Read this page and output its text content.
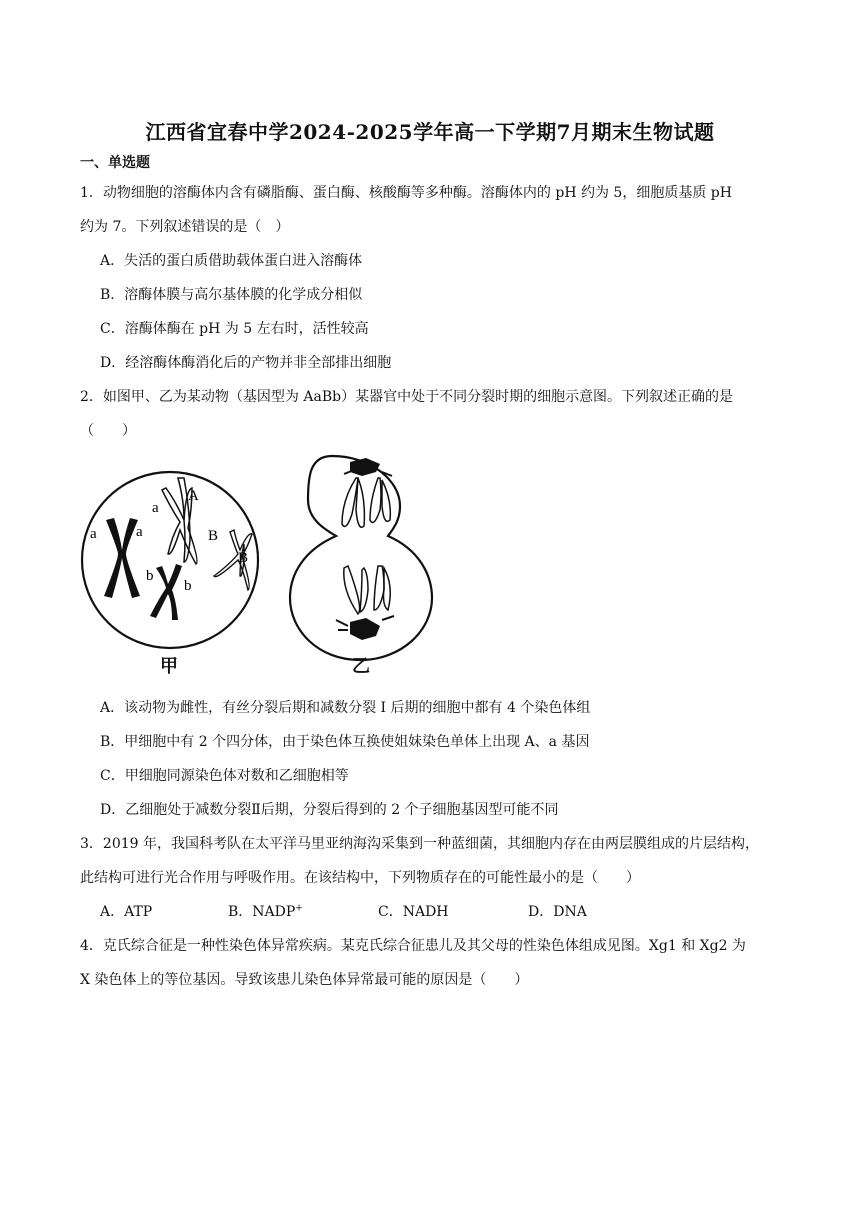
江西省宜春中学2024-2025学年高一下学期7月期末生物试题
一、单选题
1．动物细胞的溶酶体内含有磷脂酶、蛋白酶、核酸酶等多种酶。溶酶体内的 pH 约为 5，细胞质基质 pH
约为 7。下列叙述错误的是（　）
A．失活的蛋白质借助载体蛋白进入溶酶体
B．溶酶体膜与高尔基体膜的化学成分相似
C．溶酶体酶在 pH 为 5 左右时，活性较高
D．经溶酶体酶消化后的产物并非全部排出细胞
2．如图甲、乙为某动物（基因型为 AaBb）某器官中处于不同分裂时期的细胞示意图。下列叙述正确的是
（　　）
a	a
a
A
B
B
b
b
甲	乙
A．该动物为雌性，有丝分裂后期和减数分裂 I 后期的细胞中都有 4 个染色体组
B．甲细胞中有 2 个四分体，由于染色体互换使姐妹染色单体上出现 A、a 基因
C．甲细胞同源染色体对数和乙细胞相等
D．乙细胞处于减数分裂Ⅱ后期，分裂后得到的 2 个子细胞基因型可能不同
3．2019 年，我国科考队在太平洋马里亚纳海沟采集到一种蓝细菌，其细胞内存在由两层膜组成的片层结构，
此结构可进行光合作用与呼吸作用。在该结构中，下列物质存在的可能性最小的是（　　）
A．ATP	B．NADP+	C．NADH	D．DNA
4．克氏综合征是一种性染色体异常疾病。某克氏综合征患儿及其父母的性染色体组成见图。Xg1 和 Xg2 为
X 染色体上的等位基因。导致该患儿染色体异常最可能的原因是（　　）
